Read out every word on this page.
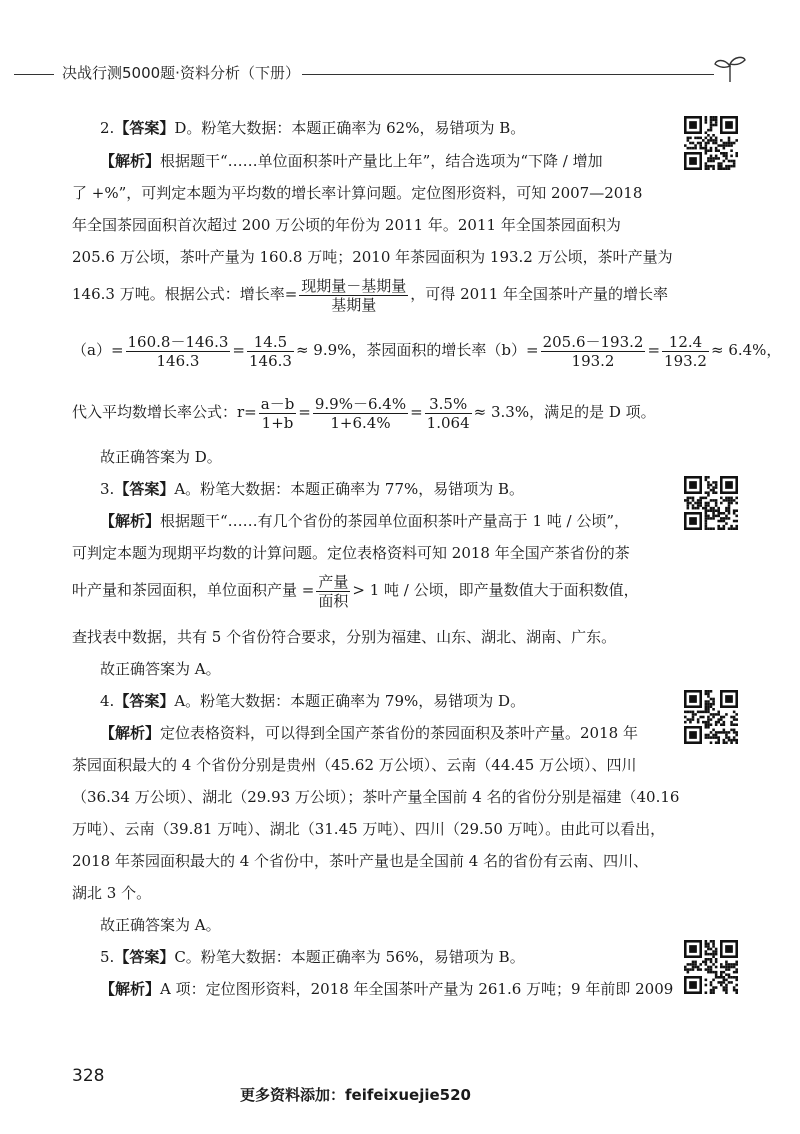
决战行测5000题·资料分析（下册）
2.【答案】D。粉笔大数据：本题正确率为 62%，易错项为 B。
【解析】根据题干“……单位面积茶叶产量比上年”，结合选项为“下降 / 增加
了 +%”，可判定本题为平均数的增长率计算问题。定位图形资料，可知 2007—2018
年全国茶园面积首次超过 200 万公顷的年份为 2011 年。2011 年全国茶园面积为
205.6 万公顷，茶叶产量为 160.8 万吨；2010 年茶园面积为 193.2 万公顷，茶叶产量为
146.3 万吨。根据公式：增长率= $\frac{\text{现期量－基期量}}{\text{基期量}}$ ，可得 2011 年全国茶叶产量的增长率
$(a)= \frac{160.8-146.3}{146.3} = \frac{14.5}{146.3} \approx 9.9\%$，茶园面积的增长率$(b)= \frac{205.6-193.2}{193.2} = \frac{12.4}{193.2} \approx 6.4\%$，
代入平均数增长率公式：$r= \frac{a-b}{1+b} = \frac{9.9\%-6.4\%}{1+6.4\%} = \frac{3.5\%}{1.064} \approx 3.3\%$，满足的是 D 项。
故正确答案为 D。
3.【答案】A。粉笔大数据：本题正确率为 77%，易错项为 B。
【解析】根据题干“……有几个省份的茶园单位面积茶叶产量高于 1 吨 / 公顷”，
可判定本题为现期平均数的计算问题。定位表格资料可知 2018 年全国产茶省份的茶
叶产量和茶园面积，单位面积产量 = $\frac{\text{产量}}{\text{面积}} > 1$ 吨 / 公顷，即产量数值大于面积数值，
查找表中数据，共有 5 个省份符合要求，分别为福建、山东、湖北、湖南、广东。
故正确答案为 A。
4.【答案】A。粉笔大数据：本题正确率为 79%，易错项为 D。
【解析】定位表格资料，可以得到全国产茶省份的茶园面积及茶叶产量。2018 年
茶园面积最大的 4 个省份分别是贵州（45.62 万公顷）、云南（44.45 万公顷）、四川
（36.34 万公顷）、湖北（29.93 万公顷）；茶叶产量全国前 4 名的省份分别是福建（40.16
万吨）、云南（39.81 万吨）、湖北（31.45 万吨）、四川（29.50 万吨）。由此可以看出，
2018 年茶园面积最大的 4 个省份中，茶叶产量也是全国前 4 名的省份有云南、四川、
湖北 3 个。
故正确答案为 A。
5.【答案】C。粉笔大数据：本题正确率为 56%，易错项为 B。
【解析】A 项：定位图形资料，2018 年全国茶叶产量为 261.6 万吨；9 年前即 2009
328
更多资料添加：feifeixuejie520
